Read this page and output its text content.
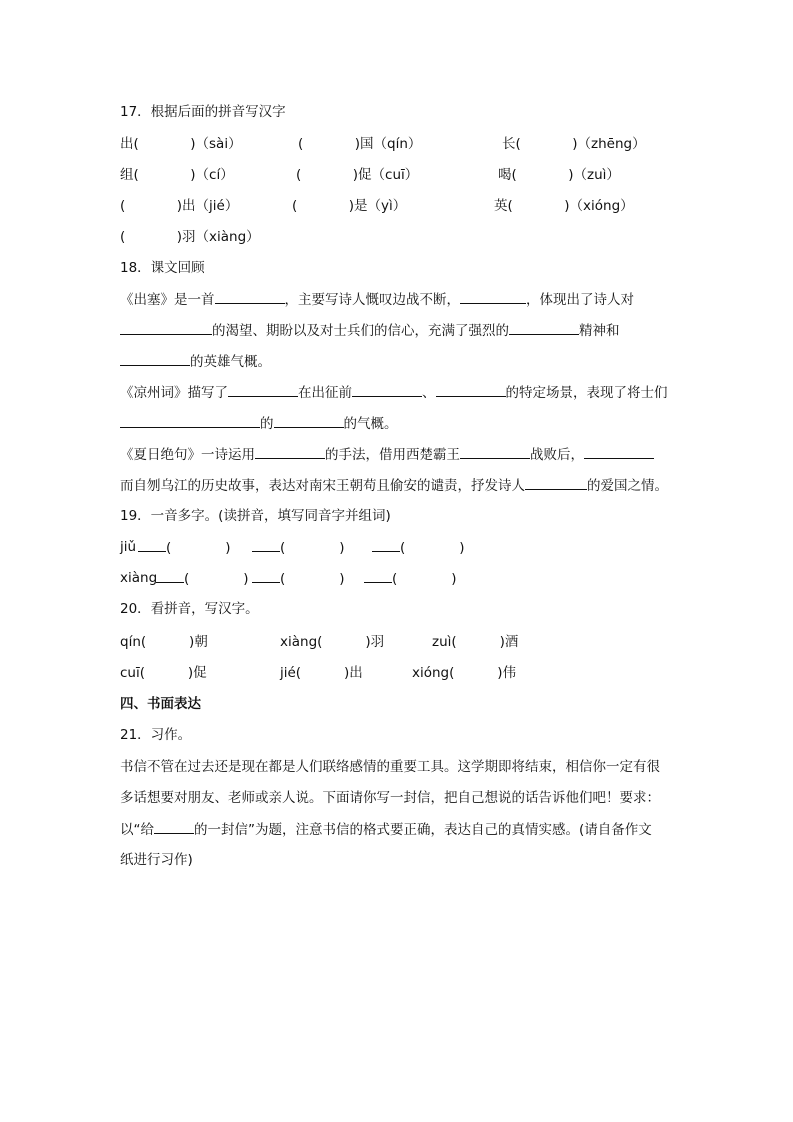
17．根据后面的拼音写汉字
出(            )（sài）	(            )国（qín）	长(            )（zhēng）
组(            )（cí）	(            )促（cuī）	喝(            )（zuì）
(            )出（jié）	(            )是（yì）	英(            )（xióng）
(            )羽（xiàng）
18．课文回顾
《出塞》是一首	，主要写诗人慨叹边战不断，	，体现出了诗人对
的渴望、期盼以及对士兵们的信心，充满了强烈的	精神和
的英雄气概。
《凉州词》描写了	在出征前	、	的特定场景，表现了将士们
的	的气概。
《夏日绝句》一诗运用	的手法，借用西楚霸王	战败后，
而自刎乌江的历史故事，表达对南宋王朝苟且偷安的谴责，抒发诗人	的爱国之情。
19．一音多字。(读拼音，填写同音字并组词)
jiǔ	(	)	(	)	(	)
xiàng	(	)	(	)	(	)
20．看拼音，写汉字。
qín(          )朝	xiàng(          )羽	zuì(          )酒
cuī(          )促	jié(          )出	xióng(          )伟
四、书面表达
21．习作。
书信不管在过去还是现在都是人们联络感情的重要工具。这学期即将结束，相信你一定有很
多话想要对朋友、老师或亲人说。下面请你写一封信，把自己想说的话告诉他们吧！要求：
以“给	的一封信”为题，注意书信的格式要正确，表达自己的真情实感。(请自备作文
纸进行习作)
